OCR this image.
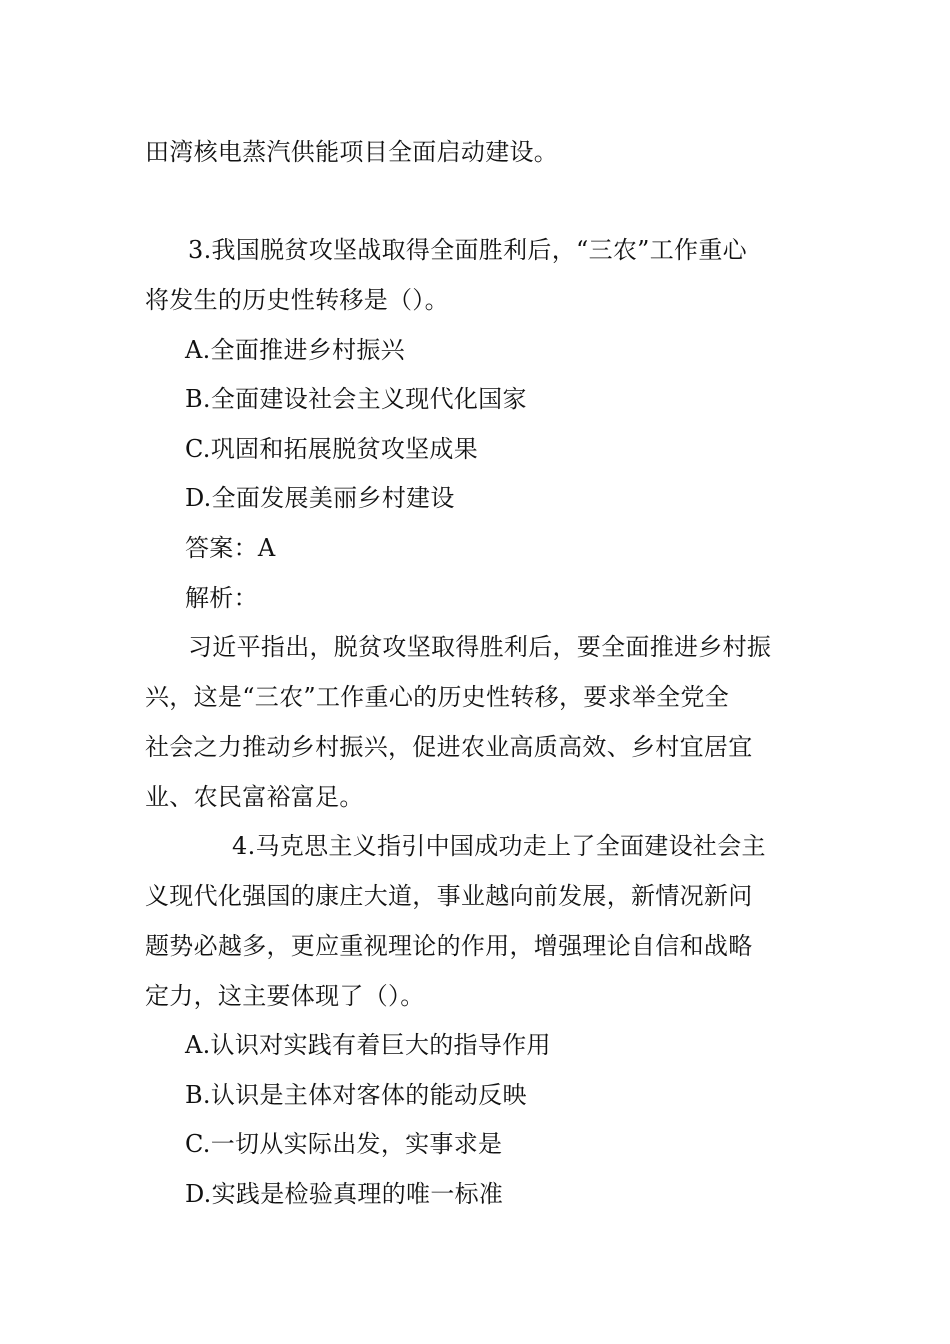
田湾核电蒸汽供能项目全面启动建设。
3.我国脱贫攻坚战取得全面胜利后，“三农”工作重心
将发生的历史性转移是（）。
A.全面推进乡村振兴
B.全面建设社会主义现代化国家
C.巩固和拓展脱贫攻坚成果
D.全面发展美丽乡村建设
答案：A
解析：
习近平指出，脱贫攻坚取得胜利后，要全面推进乡村振
兴，这是“三农”工作重心的历史性转移，要求举全党全
社会之力推动乡村振兴，促进农业高质高效、乡村宜居宜
业、农民富裕富足。
4.马克思主义指引中国成功走上了全面建设社会主
义现代化强国的康庄大道，事业越向前发展，新情况新问
题势必越多，更应重视理论的作用，增强理论自信和战略
定力，这主要体现了（）。
A.认识对实践有着巨大的指导作用
B.认识是主体对客体的能动反映
C.一切从实际出发，实事求是
D.实践是检验真理的唯一标准
